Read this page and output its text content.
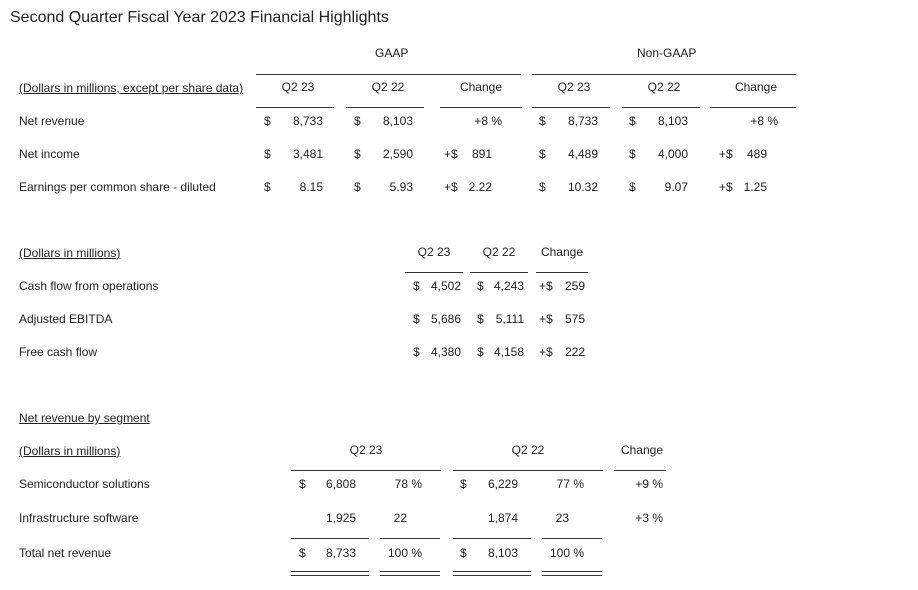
Second Quarter Fiscal Year 2023 Financial Highlights
GAAP	Non-GAAP
(Dollars in millions, except per share data)	Q2 23	Q2 22	Change	Q2 23	Q2 22	Change
Net revenue	$	8,733	$	8,103	+8 %	$	8,733	$	8,103	+8 %
Net income	$	3,481	$	2,590	+$	891	$	4,489	$	4,000	+$	489
Earnings per common share - diluted	$	8.15	$	5.93	+$ 2.22	$	10.32	$	9.07	+$ 1.25
(Dollars in millions)	Q2 23	Q2 22	Change
Cash flow from operations	$ 4,502 $ 4,243 +$	259
Adjusted EBITDA	$ 5,686 $	5,111 +$	575
Free cash flow	$ 4,380 $ 4,158 +$	222
Net revenue by segment
(Dollars in millions)	Q2 23	Q2 22	Change
Semiconductor solutions	$	6,808	78 %	$	6,229	77 %	+9 %
Infrastructure software	1,925	22	1,874	23	+3 %
Total net revenue	$	8,733	100 %	$	8,103	100 %
